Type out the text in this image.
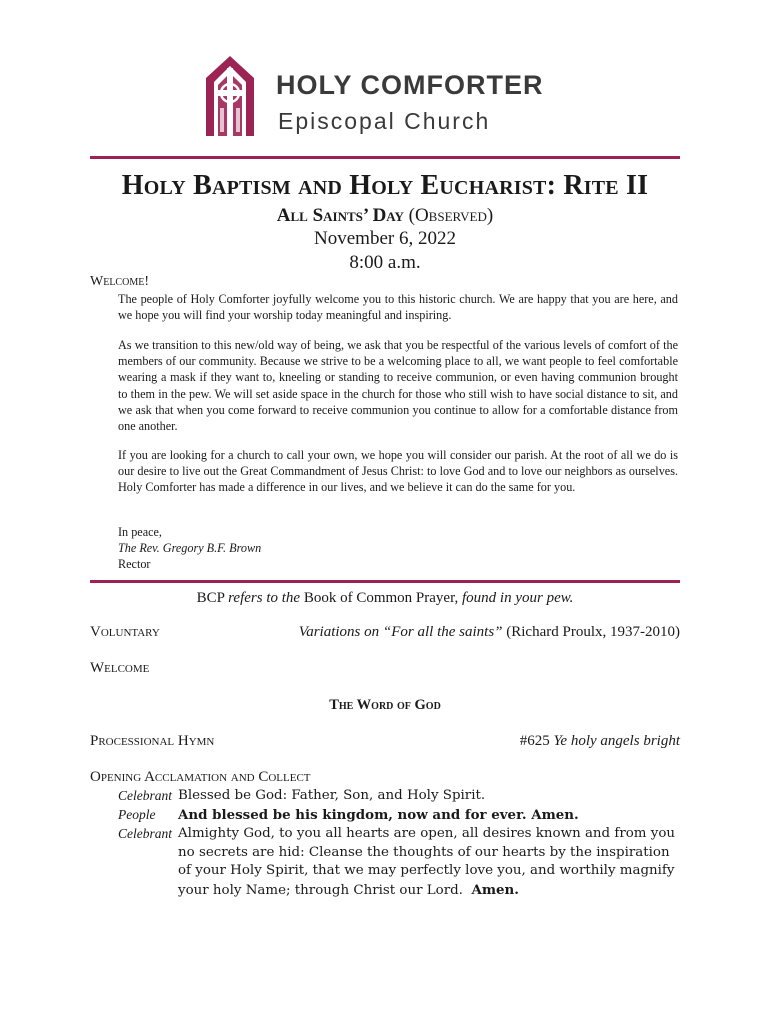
HOLY COMFORTER
Episcopal Church
Holy Baptism and Holy Eucharist: Rite II
All Saints’ Day (Observed)
November 6, 2022
8:00 a.m.
Welcome!
The people of Holy Comforter joyfully welcome you to this historic church. We are happy that you are here, and we hope you will find your worship today meaningful and inspiring.
As we transition to this new/old way of being, we ask that you be respectful of the various levels of comfort of the members of our community. Because we strive to be a welcoming place to all, we want people to feel comfortable wearing a mask if they want to, kneeling or standing to receive communion, or even having communion brought to them in the pew. We will set aside space in the church for those who still wish to have social distance to sit, and we ask that when you come forward to receive communion you continue to allow for a comfortable distance from one another.
If you are looking for a church to call your own, we hope you will consider our parish. At the root of all we do is our desire to live out the Great Commandment of Jesus Christ: to love God and to love our neighbors as ourselves. Holy Comforter has made a difference in our lives, and we believe it can do the same for you.
In peace,
The Rev. Gregory B.F. Brown
Rector
BCP refers to the Book of Common Prayer, found in your pew.
Voluntary	Variations on “For all the saints” (Richard Proulx, 1937-2010)
Welcome
The Word of God
Processional Hymn	#625 Ye holy angels bright
Opening Acclamation and Collect
Celebrant Blessed be God: Father, Son, and Holy Spirit.
People	And blessed be his kingdom, now and for ever. Amen.
Celebrant Almighty God, to you all hearts are open, all desires known and from you no secrets are hid: Cleanse the thoughts of our hearts by the inspiration of your Holy Spirit, that we may perfectly love you, and worthily magnify your holy Name; through Christ our Lord. Amen.
